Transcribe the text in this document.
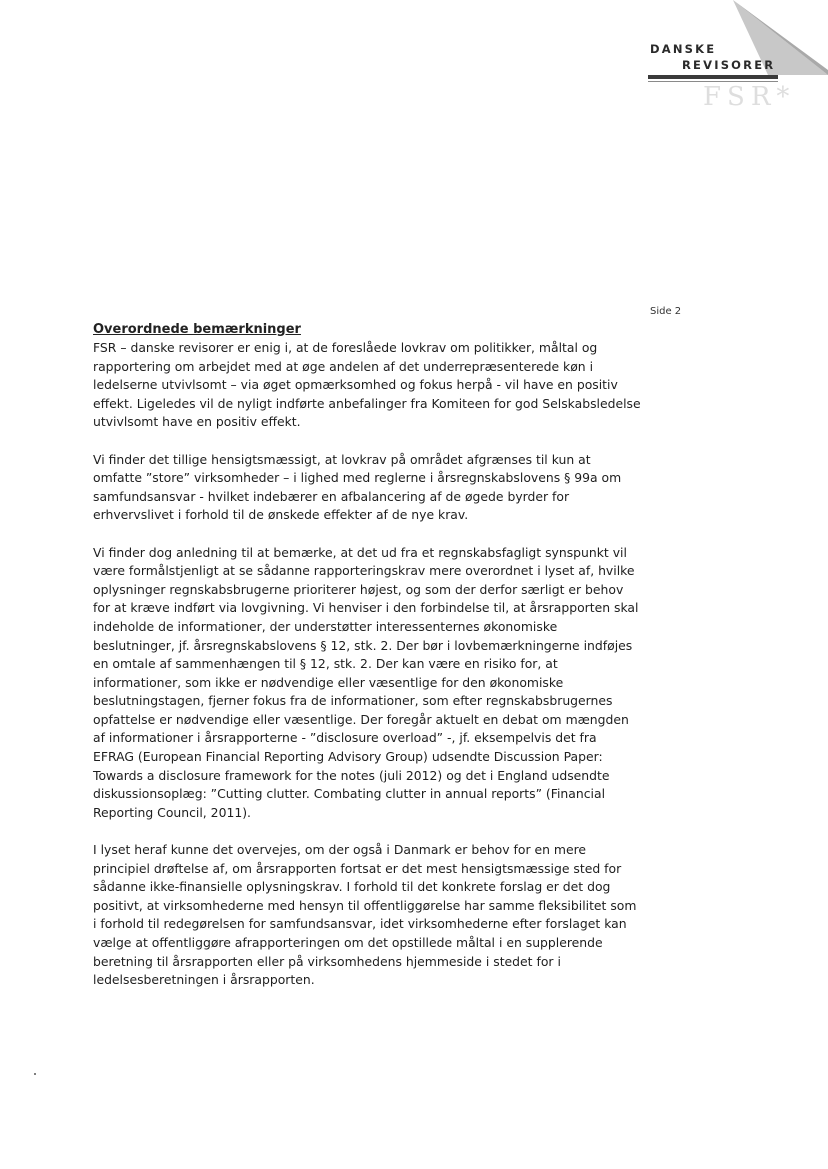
DANSKE
REVISORER
FSR*
Side 2
Overordnede bemærkninger

FSR – danske revisorer er enig i, at de foreslåede lovkrav om politikker, måltal og rapportering om arbejdet med at øge andelen af det underrepræsenterede køn i ledelserne utvivlsomt – via øget opmærksomhed og fokus herpå - vil have en positiv effekt. Ligeledes vil de nyligt indførte anbefalinger fra Komiteen for god Selskabsledelse utvivlsomt have en positiv effekt.

Vi finder det tillige hensigtsmæssigt, at lovkrav på området afgrænses til kun at omfatte ”store” virksomheder – i lighed med reglerne i årsregnskabslovens § 99a om samfundsansvar - hvilket indebærer en afbalancering af de øgede byrder for erhvervslivet i forhold til de ønskede effekter af de nye krav.

Vi finder dog anledning til at bemærke, at det ud fra et regnskabsfagligt synspunkt vil være formålstjenligt at se sådanne rapporteringskrav mere overordnet i lyset af, hvilke oplysninger regnskabsbrugerne prioriterer højest, og som der derfor særligt er behov for at kræve indført via lovgivning. Vi henviser i den forbindelse til, at årsrapporten skal indeholde de informationer, der understøtter interessenternes økonomiske beslutninger, jf. årsregnskabslovens § 12, stk. 2. Der bør i lovbemærkningerne indføjes en omtale af sammenhængen til § 12, stk. 2. Der kan være en risiko for, at informationer, som ikke er nødvendige eller væsentlige for den økonomiske beslutningstagen, fjerner fokus fra de informationer, som efter regnskabsbrugernes opfattelse er nødvendige eller væsentlige. Der foregår aktuelt en debat om mængden af informationer i årsrapporterne - ”disclosure overload” -, jf. eksempelvis det fra EFRAG (European Financial Reporting Advisory Group) udsendte Discussion Paper: Towards a disclosure framework for the notes (juli 2012) og det i England udsendte diskussionsoplæg: ”Cutting clutter. Combating clutter in annual reports” (Financial Reporting Council, 2011).

I lyset heraf kunne det overvejes, om der også i Danmark er behov for en mere principiel drøftelse af, om årsrapporten fortsat er det mest hensigtsmæssige sted for sådanne ikke-finansielle oplysningskrav. I forhold til det konkrete forslag er det dog positivt, at virksomhederne med hensyn til offentliggørelse har samme fleksibilitet som i forhold til redegørelsen for samfundsansvar, idet virksomhederne efter forslaget kan vælge at offentliggøre afrapporteringen om det opstillede måltal i en supplerende beretning til årsrapporten eller på virksomhedens hjemmeside i stedet for i ledelsesberetningen i årsrapporten.
